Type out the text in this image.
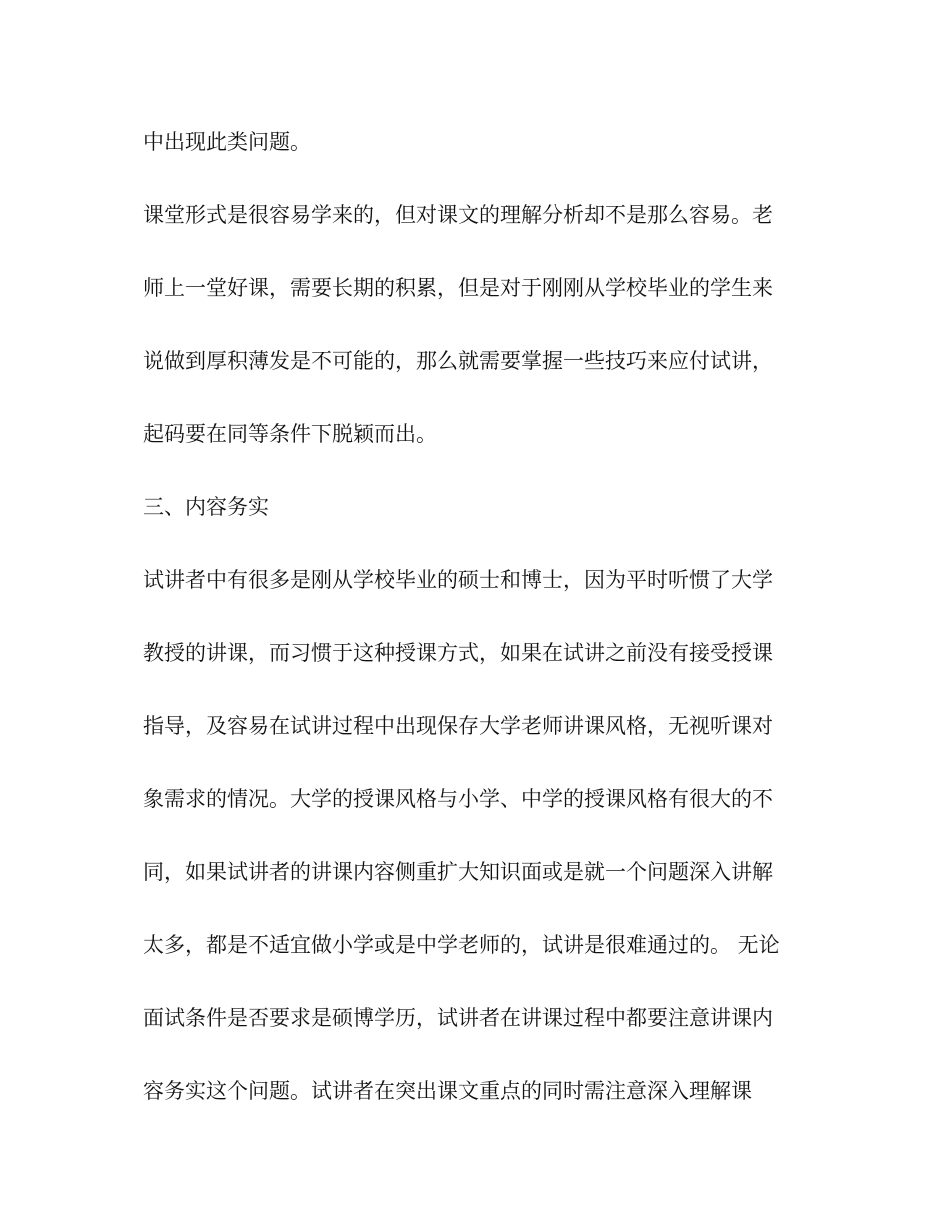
中出现此类问题。
课堂形式是很容易学来的，但对课文的理解分析却不是那么容易。老
师上一堂好课，需要长期的积累，但是对于刚刚从学校毕业的学生来
说做到厚积薄发是不可能的，那么就需要掌握一些技巧来应付试讲，
起码要在同等条件下脱颖而出。
三、内容务实
试讲者中有很多是刚从学校毕业的硕士和博士，因为平时听惯了大学
教授的讲课，而习惯于这种授课方式，如果在试讲之前没有接受授课
指导，及容易在试讲过程中出现保存大学老师讲课风格，无视听课对
象需求的情况。大学的授课风格与小学、中学的授课风格有很大的不
同，如果试讲者的讲课内容侧重扩大知识面或是就一个问题深入讲解
太多，都是不适宜做小学或是中学老师的，试讲是很难通过的。 无论
面试条件是否要求是硕博学历，试讲者在讲课过程中都要注意讲课内
容务实这个问题。试讲者在突出课文重点的同时需注意深入理解课
